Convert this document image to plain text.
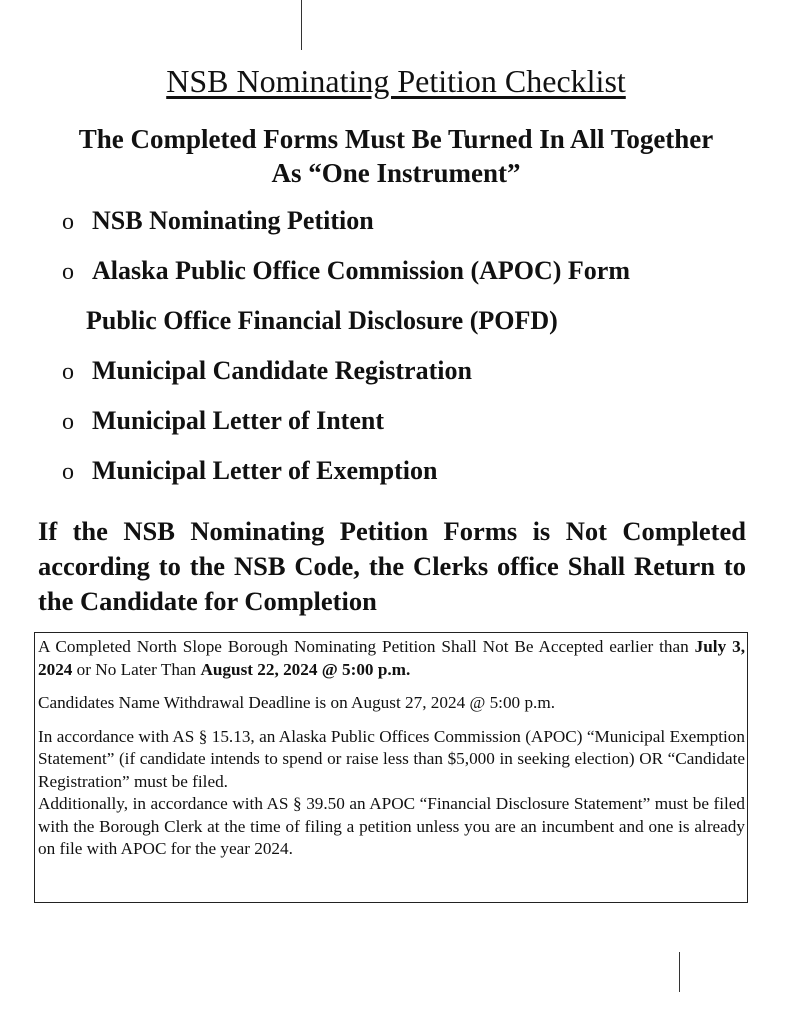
NSB Nominating Petition Checklist
The Completed Forms Must Be Turned In All Together
As “One Instrument”
o NSB Nominating Petition
o Alaska Public Office Commission (APOC) Form
Public Office Financial Disclosure (POFD)
o Municipal Candidate Registration
o Municipal Letter of Intent
o Municipal Letter of Exemption
If the NSB Nominating Petition Forms is Not Completed according to the NSB Code, the Clerks office Shall Return to the Candidate for Completion

A Completed North Slope Borough Nominating Petition Shall Not Be Accepted earlier than July 3, 2024 or No Later Than August 22, 2024 @ 5:00 p.m.

Candidates Name Withdrawal Deadline is on August 27, 2024 @ 5:00 p.m.

In accordance with AS § 15.13, an Alaska Public Offices Commission (APOC) “Municipal Exemption Statement” (if candidate intends to spend or raise less than $5,000 in seeking election) OR “Candidate Registration” must be filed.

Additionally, in accordance with AS § 39.50 an APOC “Financial Disclosure Statement” must be filed with the Borough Clerk at the time of filing a petition unless you are an incumbent and one is already on file with APOC for the year 2024.
